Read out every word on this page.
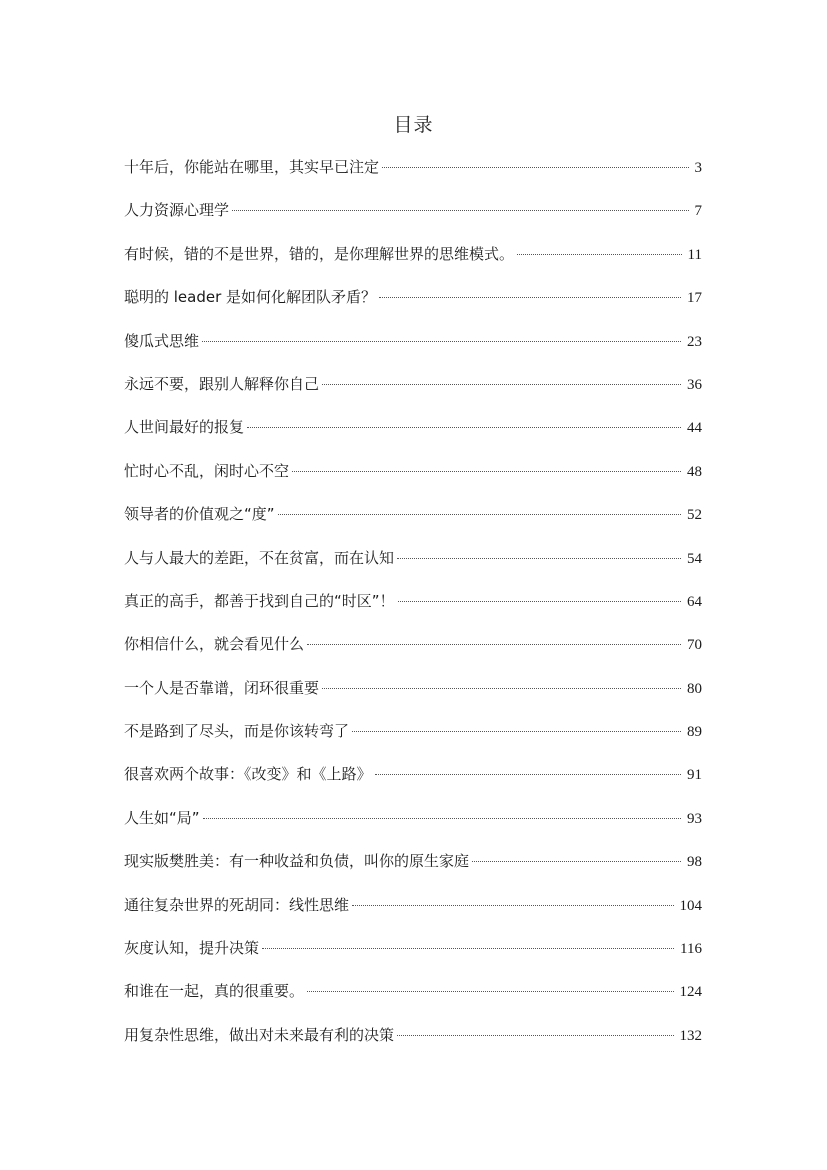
目录
十年后，你能站在哪里，其实早已注定	3
人力资源心理学	7
有时候，错的不是世界，错的，是你理解世界的思维模式。	11
聪明的 leader 是如何化解团队矛盾？	17
傻瓜式思维	23
永远不要，跟别人解释你自己	36
人世间最好的报复	44
忙时心不乱，闲时心不空	48
领导者的价值观之“度”	52
人与人最大的差距，不在贫富，而在认知	54
真正的高手，都善于找到自己的“时区”！	64
你相信什么，就会看见什么	70
一个人是否靠谱，闭环很重要	80
不是路到了尽头，而是你该转弯了	89
很喜欢两个故事：《改变》和《上路》	91
人生如“局”	93
现实版樊胜美：有一种收益和负债，叫你的原生家庭	98
通往复杂世界的死胡同：线性思维	104
灰度认知，提升决策	116
和谁在一起，真的很重要。	124
用复杂性思维，做出对未来最有利的决策	132
